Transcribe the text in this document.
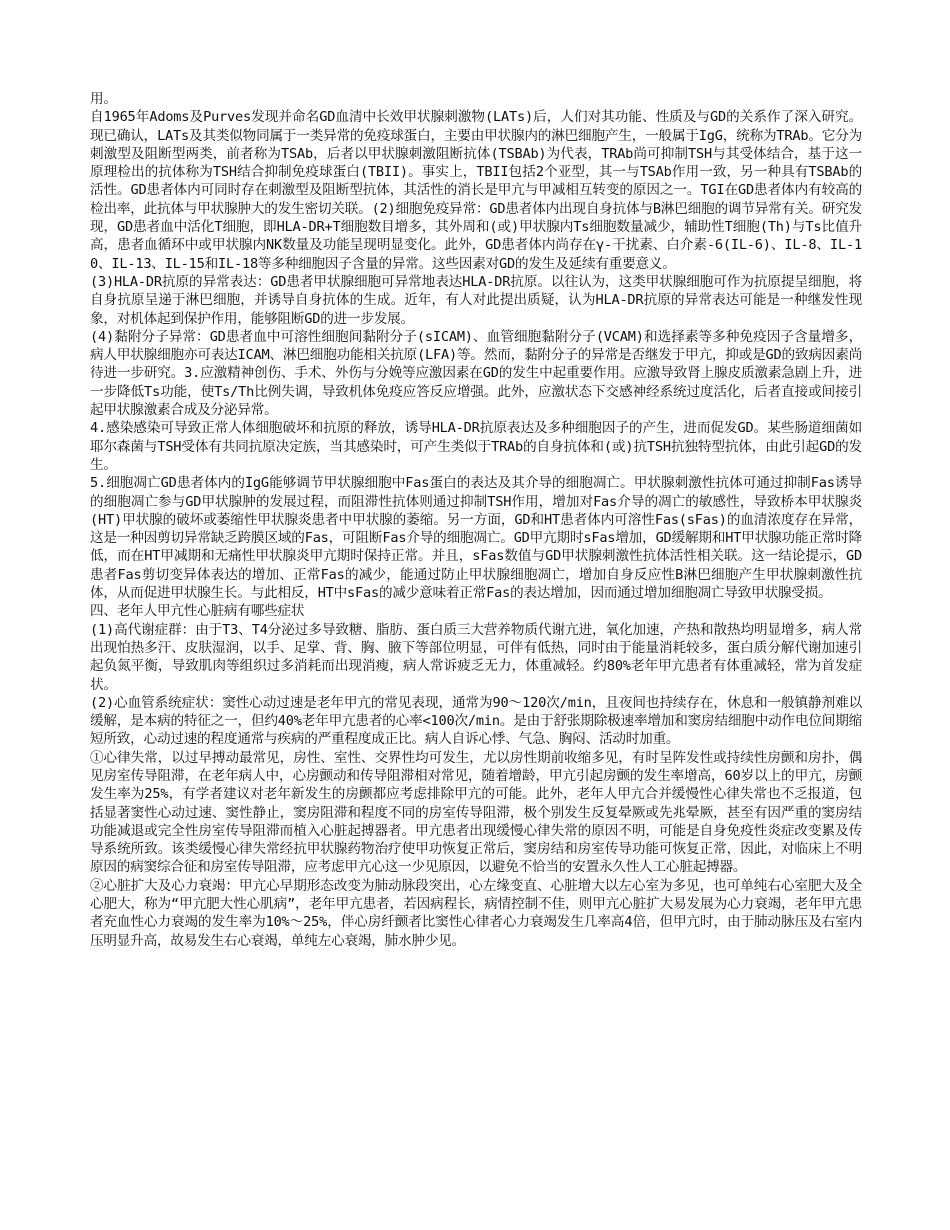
用。

自1965年Adoms及Purves发现并命名GD血清中长效甲状腺刺激物(LATs)后，人们对其功能、性质及与GD的关系作了深入研究。现已确认，LATs及其类似物同属于一类异常的免疫球蛋白，主要由甲状腺内的淋巴细胞产生，一般属于IgG，统称为TRAb。它分为刺激型及阻断型两类，前者称为TSAb，后者以甲状腺刺激阻断抗体(TSBAb)为代表，TRAb尚可抑制TSH与其受体结合，基于这一原理检出的抗体称为TSH结合抑制免疫球蛋白(TBII)。事实上，TBII包括2个亚型，其一与TSAb作用一致，另一种具有TSBAb的活性。GD患者体内可同时存在刺激型及阻断型抗体，其活性的消长是甲亢与甲减相互转变的原因之一。TGI在GD患者体内有较高的检出率，此抗体与甲状腺肿大的发生密切关联。(2)细胞免疫异常：GD患者体内出现自身抗体与B淋巴细胞的调节异常有关。研究发现，GD患者血中活化T细胞，即HLA-DR+T细胞数目增多，其外周和(或)甲状腺内Ts细胞数量减少，辅助性T细胞(Th)与Ts比值升高，患者血循环中或甲状腺内NK数量及功能呈现明显变化。此外，GD患者体内尚存在γ-干扰素、白介素-6(IL-6)、IL-8、IL-10、IL-13、IL-15和IL-18等多种细胞因子含量的异常。这些因素对GD的发生及延续有重要意义。

(3)HLA-DR抗原的异常表达：GD患者甲状腺细胞可异常地表达HLA-DR抗原。以往认为，这类甲状腺细胞可作为抗原提呈细胞，将自身抗原呈递于淋巴细胞，并诱导自身抗体的生成。近年，有人对此提出质疑，认为HLA-DR抗原的异常表达可能是一种继发性现象，对机体起到保护作用，能够阻断GD的进一步发展。

(4)黏附分子异常：GD患者血中可溶性细胞间黏附分子(sICAM)、血管细胞黏附分子(VCAM)和选择素等多种免疫因子含量增多，病人甲状腺细胞亦可表达ICAM、淋巴细胞功能相关抗原(LFA)等。然而，黏附分子的异常是否继发于甲亢，抑或是GD的致病因素尚待进一步研究。3.应激精神创伤、手术、外伤与分娩等应激因素在GD的发生中起重要作用。应激导致肾上腺皮质激素急剧上升，进一步降低Ts功能，使Ts/Th比例失调，导致机体免疫应答反应增强。此外，应激状态下交感神经系统过度活化，后者直接或间接引起甲状腺激素合成及分泌异常。

4.感染感染可导致正常人体细胞破坏和抗原的释放，诱导HLA-DR抗原表达及多种细胞因子的产生，进而促发GD。某些肠道细菌如耶尔森菌与TSH受体有共同抗原决定族，当其感染时，可产生类似于TRAb的自身抗体和(或)抗TSH抗独特型抗体，由此引起GD的发生。

5.细胞凋亡GD患者体内的IgG能够调节甲状腺细胞中Fas蛋白的表达及其介导的细胞凋亡。甲状腺刺激性抗体可通过抑制Fas诱导的细胞凋亡参与GD甲状腺肿的发展过程，而阻滞性抗体则通过抑制TSH作用，增加对Fas介导的凋亡的敏感性，导致桥本甲状腺炎(HT)甲状腺的破坏或萎缩性甲状腺炎患者中甲状腺的萎缩。另一方面，GD和HT患者体内可溶性Fas(sFas)的血清浓度存在异常，这是一种因剪切异常缺乏跨膜区域的Fas，可阻断Fas介导的细胞凋亡。GD甲亢期时sFas增加，GD缓解期和HT甲状腺功能正常时降低，而在HT甲减期和无痛性甲状腺炎甲亢期时保持正常。并且，sFas数值与GD甲状腺刺激性抗体活性相关联。这一结论提示，GD患者Fas剪切变异体表达的增加、正常Fas的减少，能通过防止甲状腺细胞凋亡，增加自身反应性B淋巴细胞产生甲状腺刺激性抗体，从而促进甲状腺生长。与此相反，HT中sFas的减少意味着正常Fas的表达增加，因而通过增加细胞凋亡导致甲状腺受损。

四、老年人甲亢性心脏病有哪些症状

(1)高代谢症群：由于T3、T4分泌过多导致糖、脂肪、蛋白质三大营养物质代谢亢进，氧化加速，产热和散热均明显增多，病人常出现怕热多汗、皮肤湿润，以手、足掌、背、胸、腋下等部位明显，可伴有低热，同时由于能量消耗较多，蛋白质分解代谢加速引起负氮平衡，导致肌肉等组织过多消耗而出现消瘦，病人常诉疲乏无力，体重减轻。约80%老年甲亢患者有体重减轻，常为首发症状。

(2)心血管系统症状：窦性心动过速是老年甲亢的常见表现，通常为90～120次/min，且夜间也持续存在，休息和一般镇静剂难以缓解，是本病的特征之一，但约40%老年甲亢患者的心率<100次/min。是由于舒张期除极速率增加和窦房结细胞中动作电位间期缩短所致，心动过速的程度通常与疾病的严重程度成正比。病人自诉心悸、气急、胸闷、活动时加重。

①心律失常，以过早搏动最常见，房性、室性、交界性均可发生，尤以房性期前收缩多见，有时呈阵发性或持续性房颤和房扑，偶见房室传导阻滞，在老年病人中，心房颤动和传导阻滞相对常见，随着增龄，甲亢引起房颤的发生率增高，60岁以上的甲亢，房颤发生率为25%，有学者建议对老年新发生的房颤都应考虑排除甲亢的可能。此外，老年人甲亢合并缓慢性心律失常也不乏报道，包括显著窦性心动过速、窦性静止，窦房阻滞和程度不同的房室传导阻滞，极个别发生反复晕厥或先兆晕厥，甚至有因严重的窦房结功能减退或完全性房室传导阻滞而植入心脏起搏器者。甲亢患者出现缓慢心律失常的原因不明，可能是自身免疫性炎症改变累及传导系统所致。该类缓慢心律失常经抗甲状腺药物治疗使甲功恢复正常后，窦房结和房室传导功能可恢复正常，因此，对临床上不明原因的病窦综合征和房室传导阻滞，应考虑甲亢心这一少见原因，以避免不恰当的安置永久性人工心脏起搏器。

②心脏扩大及心力衰竭：甲亢心早期形态改变为肺动脉段突出，心左缘变直、心脏增大以左心室为多见，也可单纯右心室肥大及全心肥大，称为“甲亢肥大性心肌病”，老年甲亢患者，若因病程长，病情控制不佳，则甲亢心脏扩大易发展为心力衰竭，老年甲亢患者充血性心力衰竭的发生率为10%～25%，伴心房纤颤者比窦性心律者心力衰竭发生几率高4倍，但甲亢时，由于肺动脉压及右室内压明显升高，故易发生右心衰竭，单纯左心衰竭，肺水肿少见。
